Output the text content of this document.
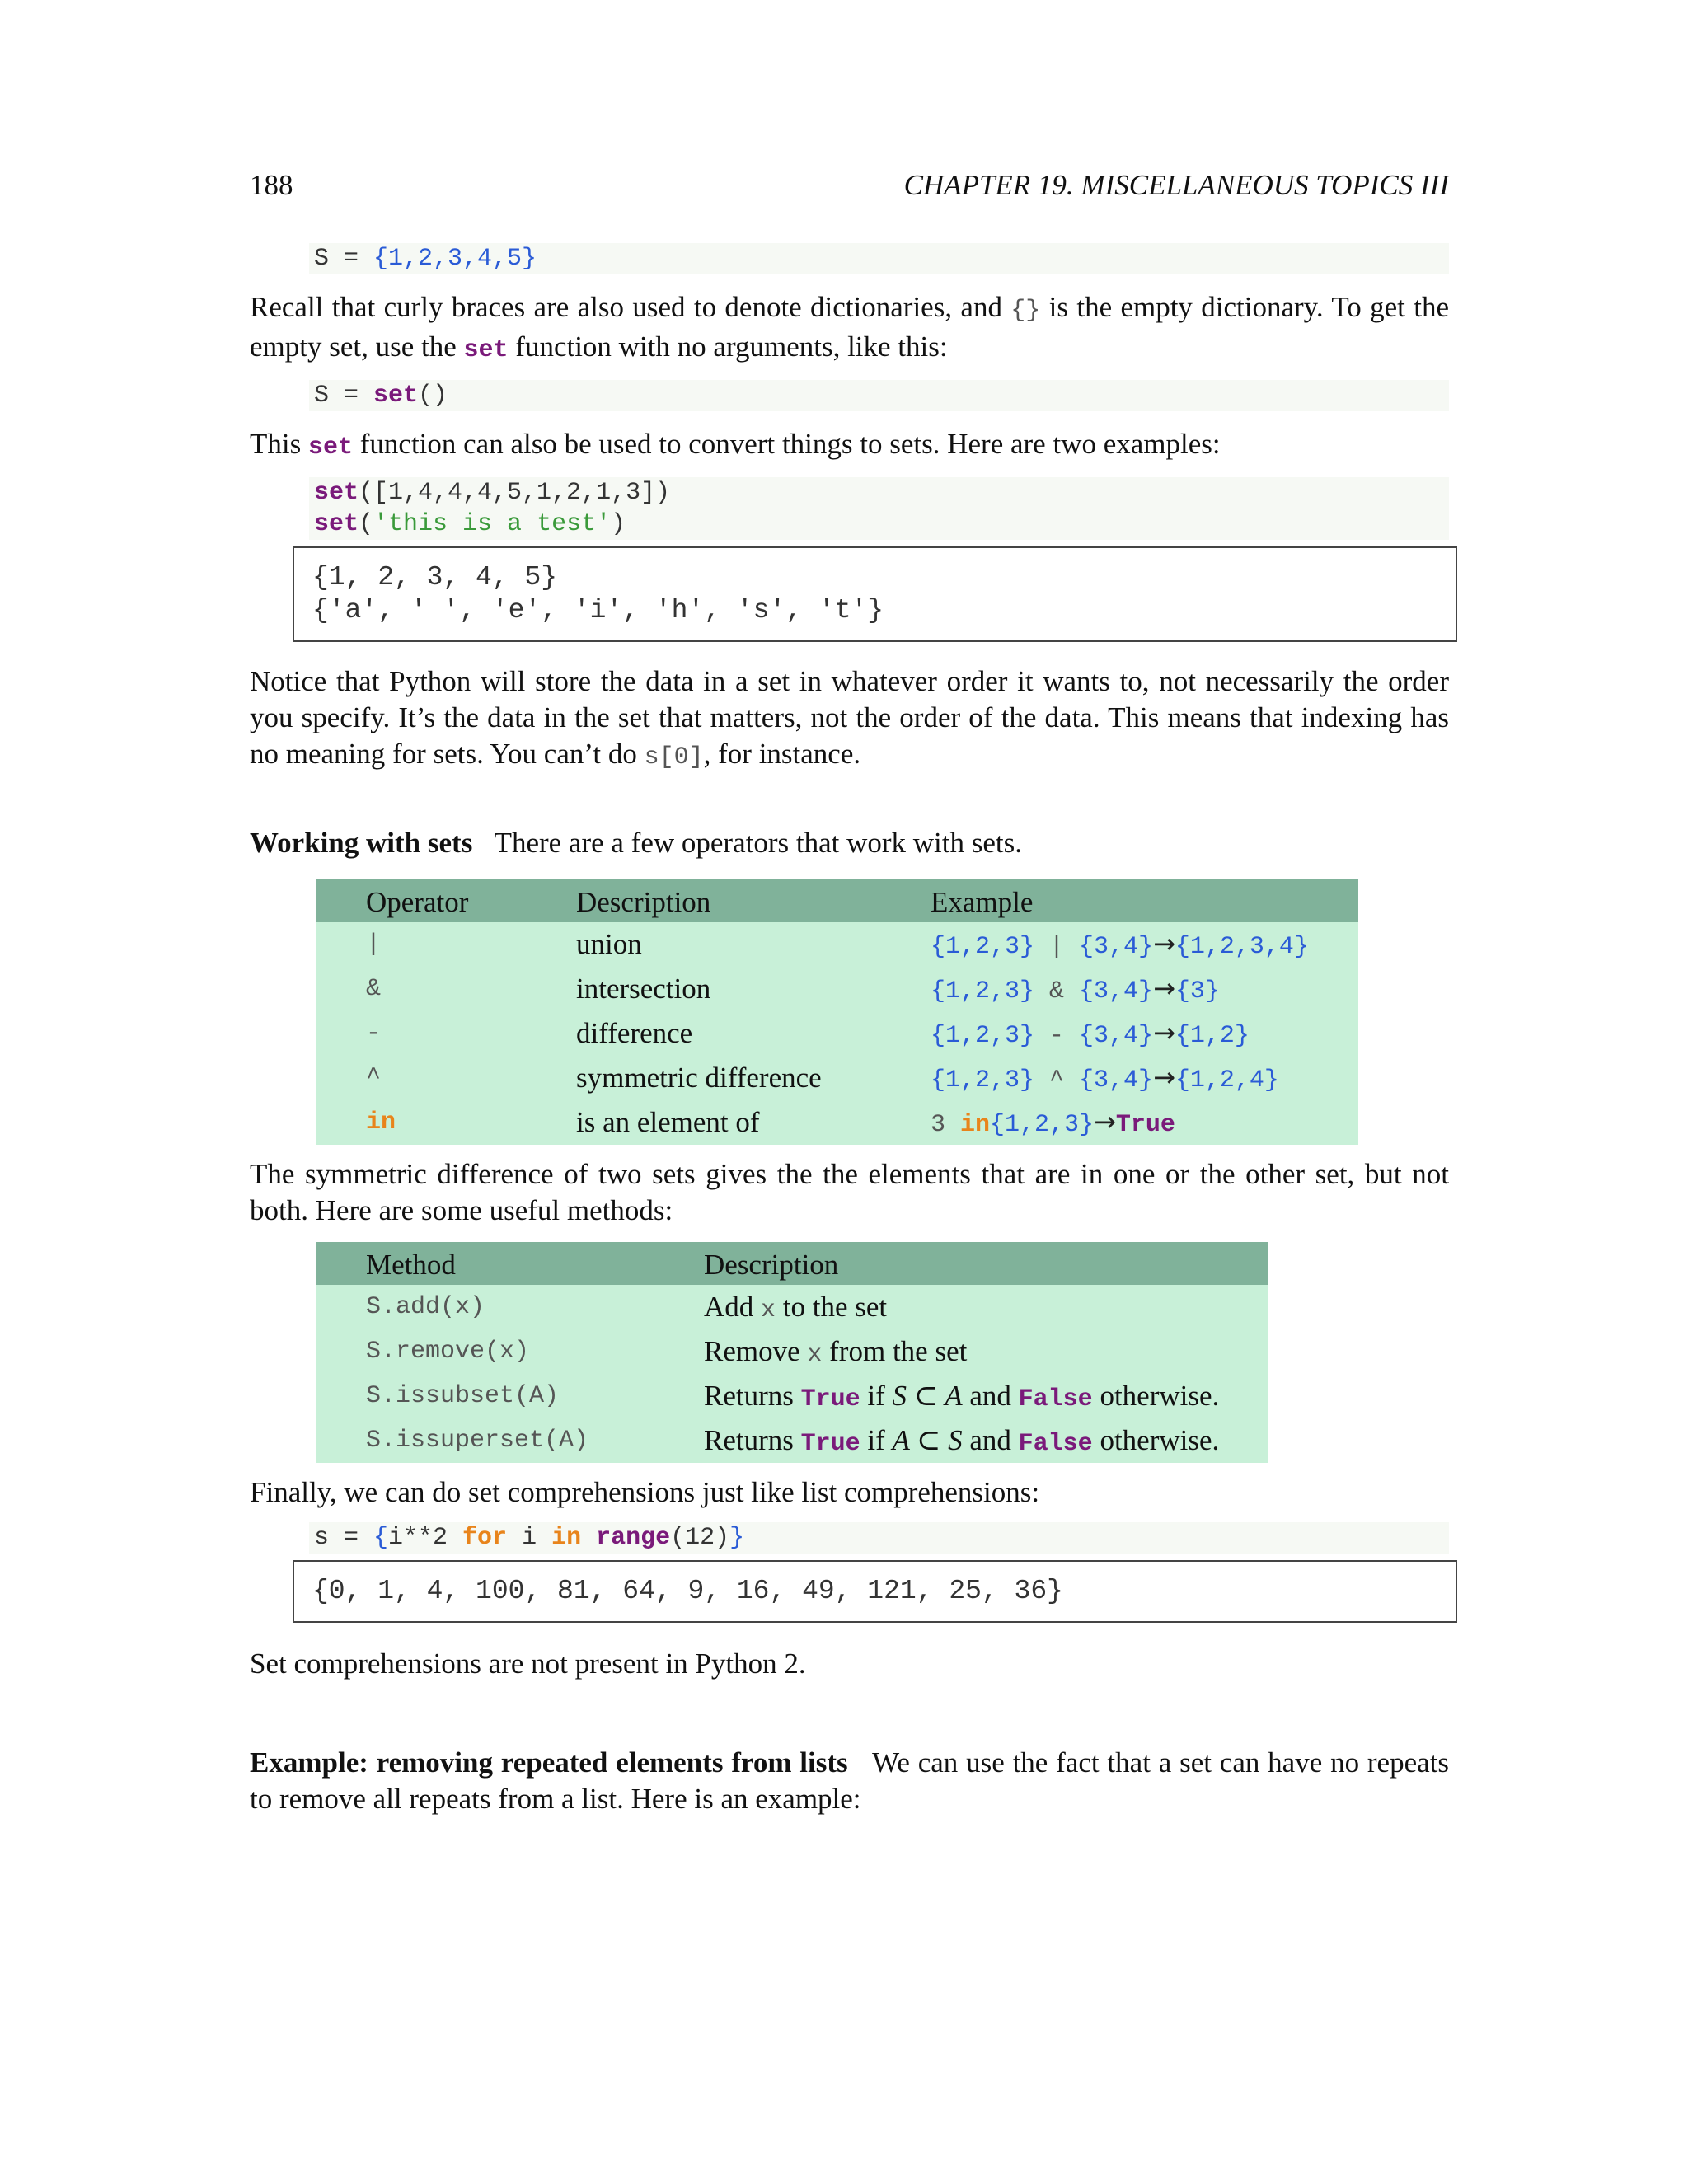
188	CHAPTER 19. MISCELLANEOUS TOPICS III
S = {1,2,3,4,5}

Recall that curly braces are also used to denote dictionaries, and {} is the empty dictionary. To get the empty set, use the set function with no arguments, like this:

S = set()

This set function can also be used to convert things to sets. Here are two examples:

set([1,4,4,4,5,1,2,1,3])
set('this is a test')
{1, 2, 3, 4, 5}
{'a', ' ', 'e', 'i', 'h', 's', 't'}

Notice that Python will store the data in a set in whatever order it wants to, not necessarily the order you specify. It’s the data in the set that matters, not the order of the data. This means that indexing has no meaning for sets. You can’t do s[0], for instance.

Working with sets There are a few operators that work with sets.

Operator	Description	Example
|	union	{1,2,3} | {3,4}→{1,2,3,4}
&	intersection	{1,2,3} & {3,4}→{3}
-	difference	{1,2,3} - {3,4}→{1,2}
^	symmetric difference	{1,2,3} ^ {3,4}→{1,2,4}
in	is an element of	3 in{1,2,3}→True

The symmetric difference of two sets gives the the elements that are in one or the other set, but not both. Here are some useful methods:

Method	Description
S.add(x)	Add x to the set
S.remove(x)	Remove x from the set
S.issubset(A)	Returns True if S ⊂ A and False otherwise.
S.issuperset(A)	Returns True if A ⊂ S and False otherwise.

Finally, we can do set comprehensions just like list comprehensions:

s = {i**2 for i in range(12)}
{0, 1, 4, 100, 81, 64, 9, 16, 49, 121, 25, 36}

Set comprehensions are not present in Python 2.

Example: removing repeated elements from lists We can use the fact that a set can have no repeats to remove all repeats from a list. Here is an example:
